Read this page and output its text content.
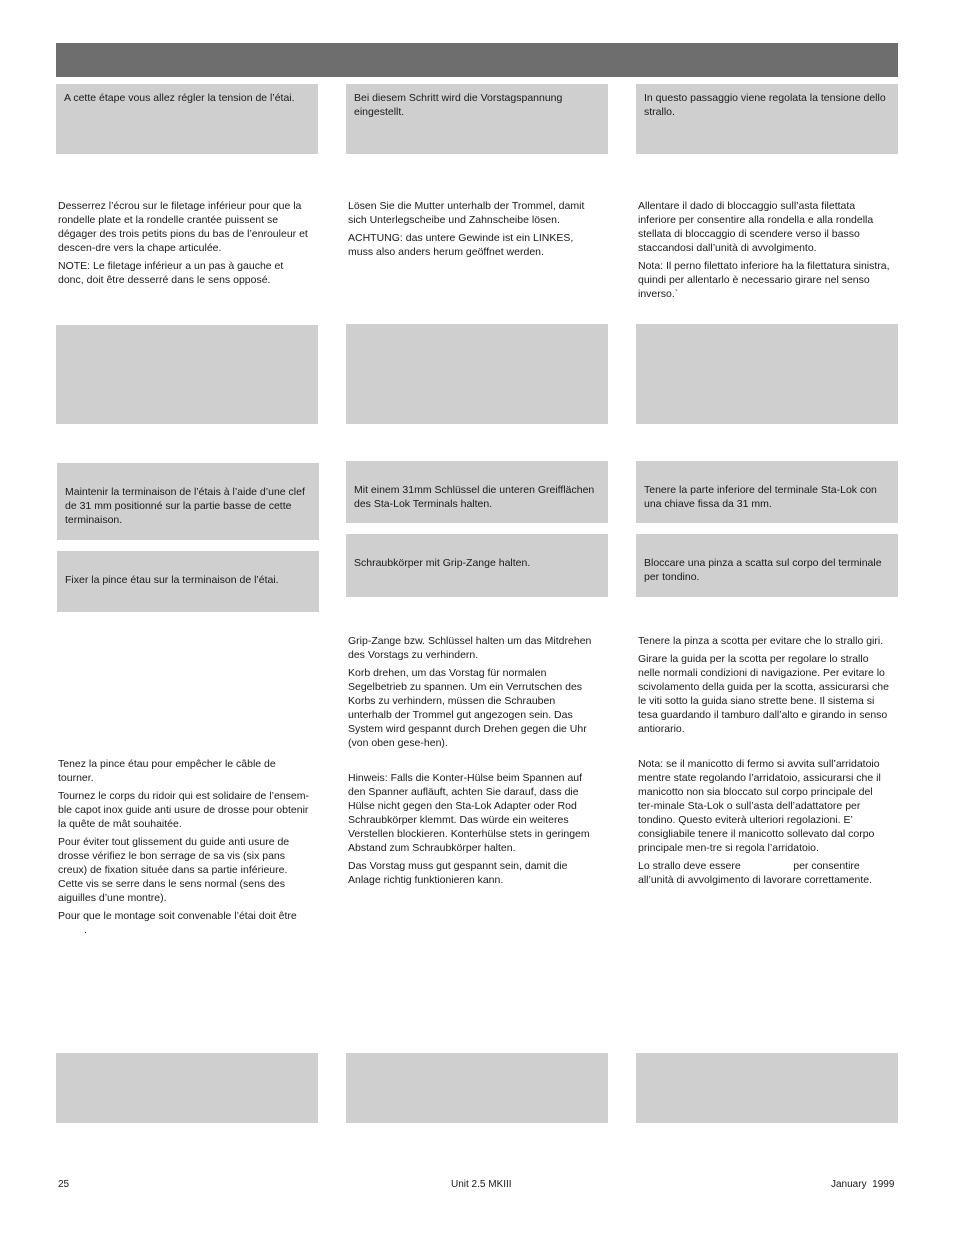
A cette étape vous allez régler la tension de l’étai.

Desserrez l’écrou sur le filetage inférieur pour que la rondelle plate et la rondelle crantée puissent se dégager des trois petits pions du bas de l’enrouleur et descen-dre vers la chape articulée.

NOTE: Le filetage inférieur a un pas à gauche et donc, doit être desserré dans le sens opposé.

Maintenir la terminaison de l’étais à l’aide d’une clef de 31 mm positionné sur la partie basse de cette terminaison.

Fixer la pince étau sur la terminaison de l’étai.

Tenez la pince étau pour empêcher le câble de tourner.

Tournez le corps du ridoir qui est solidaire de l’ensem-ble capot inox guide anti usure de drosse pour obtenir la quête de mât souhaitée.

Pour éviter tout glissement du guide anti usure de drosse vérifiez le bon serrage de sa vis (six pans creux) de fixation située dans sa partie inférieure. Cette vis se serre dans le sens normal (sens des aiguilles d’une montre).

Pour que le montage soit convenable l’étai doit être

.

Bei diesem Schritt wird die Vorstagspannung eingestellt.

Lösen Sie die Mutter unterhalb der Trommel, damit sich Unterlegscheibe und Zahnscheibe lösen.

ACHTUNG: das untere Gewinde ist ein LINKES, muss also anders herum geöffnet werden.

Mit einem 31mm Schlüssel die unteren Greifflächen des Sta-Lok Terminals halten.

Schraubkörper mit Grip-Zange halten.

Grip-Zange bzw. Schlüssel halten um das Mitdrehen des Vorstags zu verhindern.

Korb drehen, um das Vorstag für normalen Segelbetrieb zu spannen. Um ein Verrutschen des Korbs zu verhindern, müssen die Schrauben unterhalb der Trommel gut angezogen sein. Das System wird gespannt durch Drehen gegen die Uhr (von oben gese-hen).

Hinweis: Falls die Konter-Hülse beim Spannen auf den Spanner aufläuft, achten Sie darauf, dass die Hülse nicht gegen den Sta-Lok Adapter oder Rod Schraubkörper klemmt. Das würde ein weiteres Verstellen blockieren. Konterhülse stets in geringem Abstand zum Schraubkörper halten.

Das Vorstag muss gut gespannt sein, damit die Anlage richtig funktionieren kann.

In questo passaggio viene regolata la tensione dello strallo.

Allentare il dado di bloccaggio sull’asta filettata inferiore per consentire alla rondella e alla rondella stellata di bloccaggio di scendere verso il basso staccandosi dall’unità di avvolgimento.

Nota: Il perno filettato inferiore ha la filettatura sinistra, quindi per allentarlo è necessario girare nel senso inverso.`

Tenere la parte inferiore del terminale Sta-Lok con una chiave fissa da 31 mm.

Bloccare una pinza a scatta sul corpo del terminale per tondino.

Tenere la pinza a scotta per evitare che lo strallo giri.

Girare la guida per la scotta per regolare lo strallo nelle normali condizioni di navigazione. Per evitare lo scivolamento della guida per la scotta, assicurarsi che le viti sotto la guida siano strette bene. Il sistema si tesa guardando il tamburo dall’alto e girando in senso antiorario.

Nota: se il manicotto di fermo si avvita sull’arridatoio mentre state regolando l’arridatoio, assicurarsi che il manicotto non sia bloccato sul corpo principale del ter-minale Sta-Lok o sull’asta dell’adattatore per tondino. Questo eviterà ulteriori regolazioni. E’ consigliabile tenere il manicotto sollevato dal corpo principale men-tre si regola l’arridatoio.

Lo strallo deve essere                  per consentire all’unità di avvolgimento di lavorare correttamente.

25	Unit 2.5 MKIII	January  1999
